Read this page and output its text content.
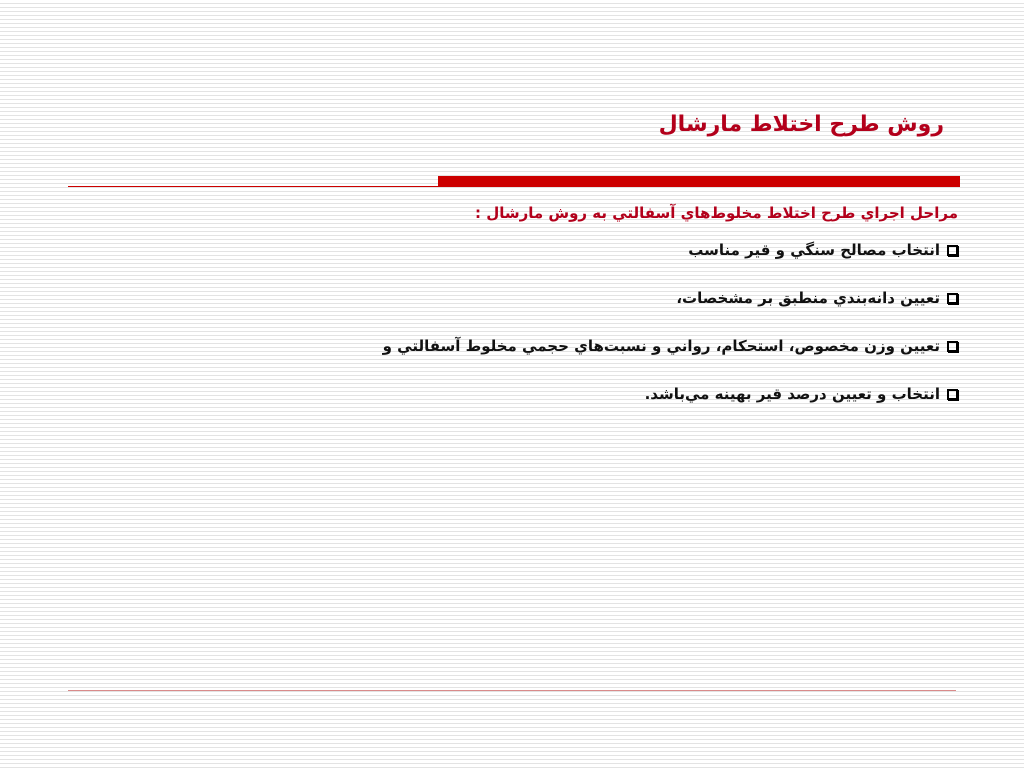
روش طرح اختلاط مارشال

مراحل اجراي طرح اختلاط مخلوط‌هاي آسفالتي به روش مارشال :

انتخاب مصالح سنگي و قير مناسب
تعيين دانه‌بندي منطبق بر مشخصات،
تعيين وزن مخصوص، استحكام، رواني و نسبت‌هاي حجمي مخلوط آسفالتي و
انتخاب و تعيين درصد قير بهينه مي‌باشد.
